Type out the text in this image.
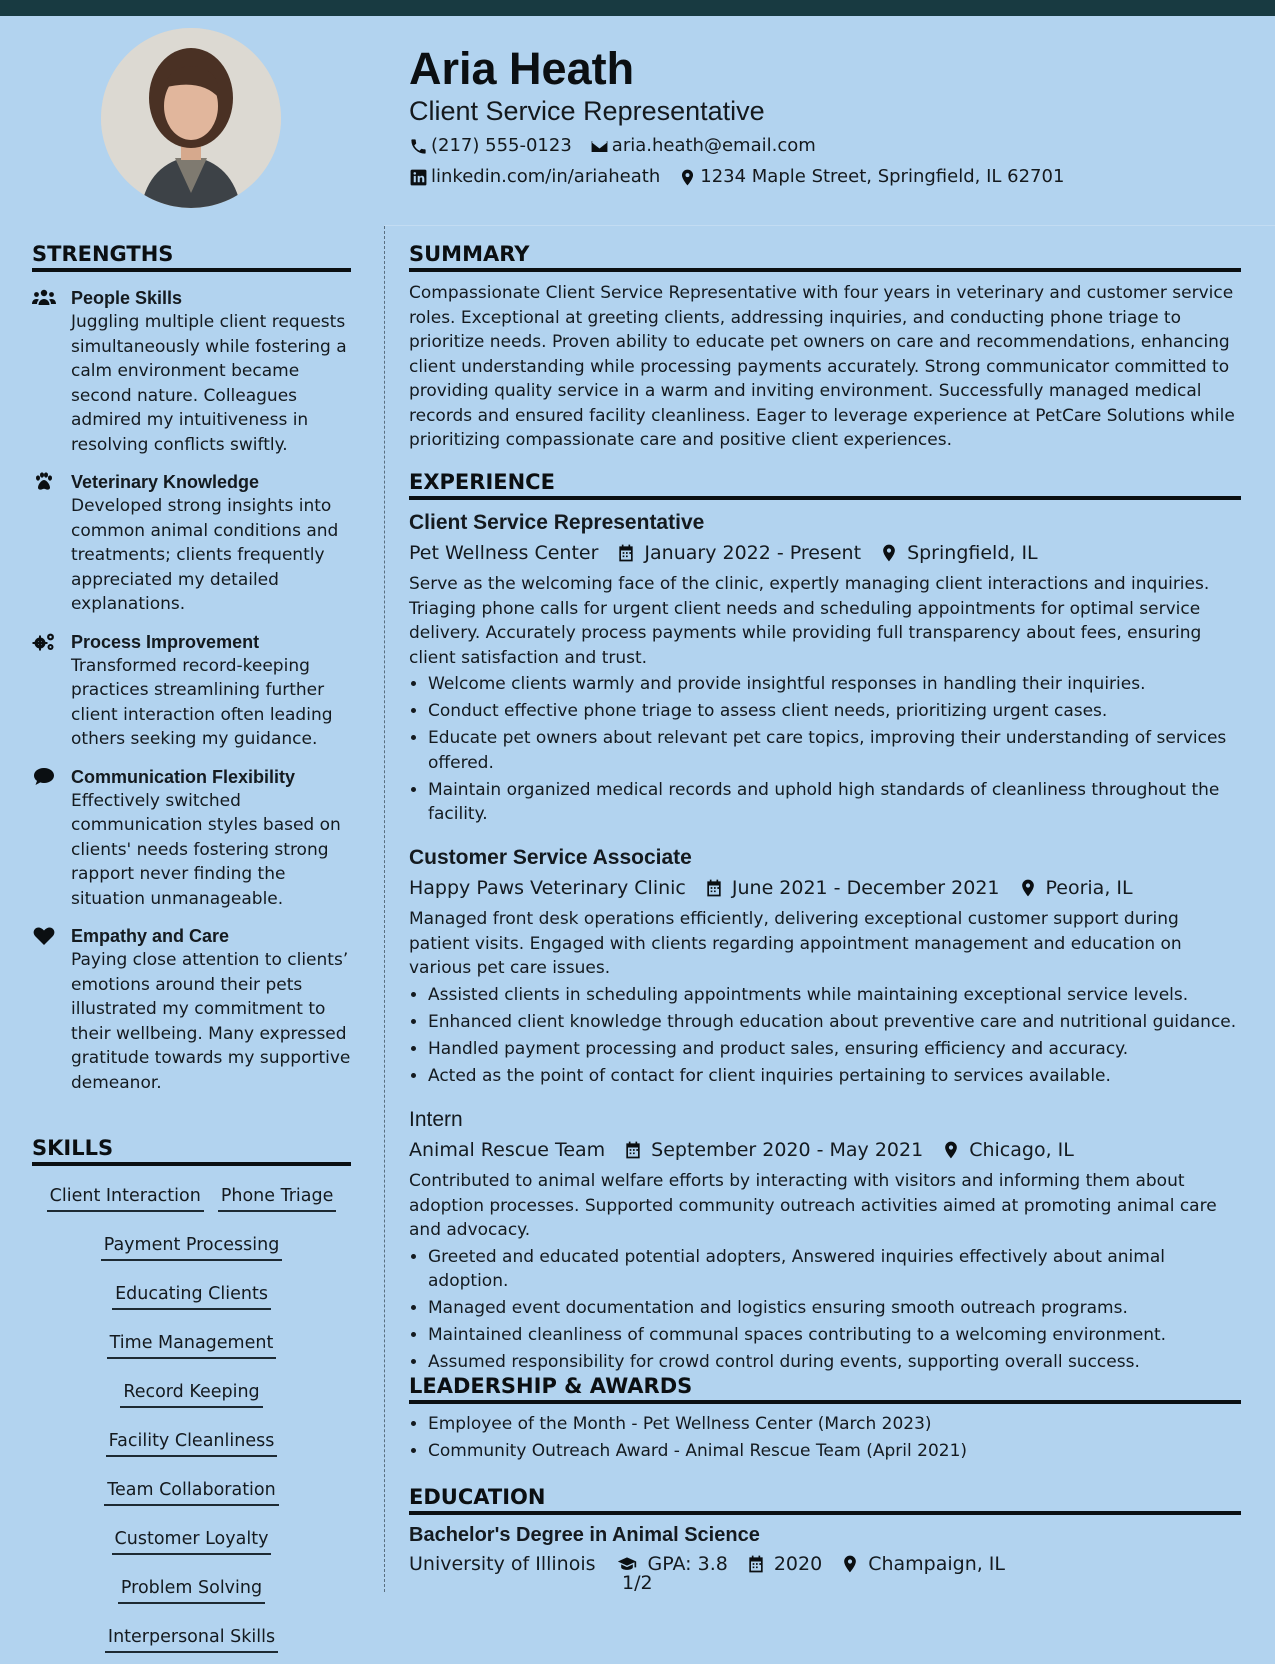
Aria Heath
Client Service Representative
(217) 555-0123 aria.heath@email.com
linkedin.com/in/ariaheath 1234 Maple Street, Springfield, IL 62701
STRENGTHS
People Skills
Juggling multiple client requests simultaneously while fostering a calm environment became second nature. Colleagues admired my intuitiveness in resolving conflicts swiftly.
Veterinary Knowledge
Developed strong insights into common animal conditions and treatments; clients frequently appreciated my detailed explanations.
Process Improvement
Transformed record-keeping practices streamlining further client interaction often leading others seeking my guidance.
Communication Flexibility
Effectively switched communication styles based on clients' needs fostering strong rapport never finding the situation unmanageable.
Empathy and Care
Paying close attention to clients’ emotions around their pets illustrated my commitment to their wellbeing. Many expressed gratitude towards my supportive demeanor.
SKILLS
Client Interaction Phone Triage
Payment Processing
Educating Clients
Time Management
Record Keeping
Facility Cleanliness
Team Collaboration
Customer Loyalty
Problem Solving
Interpersonal Skills
SUMMARY

Compassionate Client Service Representative with four years in veterinary and customer service roles. Exceptional at greeting clients, addressing inquiries, and conducting phone triage to prioritize needs. Proven ability to educate pet owners on care and recommendations, enhancing client understanding while processing payments accurately. Strong communicator committed to providing quality service in a warm and inviting environment. Successfully managed medical records and ensured facility cleanliness. Eager to leverage experience at PetCare Solutions while prioritizing compassionate care and positive client experiences.

EXPERIENCE
Client Service Representative
Pet Wellness Center January 2022 - Present Springfield, IL

Serve as the welcoming face of the clinic, expertly managing client interactions and inquiries. Triaging phone calls for urgent client needs and scheduling appointments for optimal service delivery. Accurately process payments while providing full transparency about fees, ensuring client satisfaction and trust.

• Welcome clients warmly and provide insightful responses in handling their inquiries.
• Conduct effective phone triage to assess client needs, prioritizing urgent cases.
• Educate pet owners about relevant pet care topics, improving their understanding of services offered.
• Maintain organized medical records and uphold high standards of cleanliness throughout the facility.
Customer Service Associate
Happy Paws Veterinary Clinic June 2021 - December 2021 Peoria, IL

Managed front desk operations efficiently, delivering exceptional customer support during patient visits. Engaged with clients regarding appointment management and education on various pet care issues.

• Assisted clients in scheduling appointments while maintaining exceptional service levels.
• Enhanced client knowledge through education about preventive care and nutritional guidance.
• Handled payment processing and product sales, ensuring efficiency and accuracy.
• Acted as the point of contact for client inquiries pertaining to services available.
Intern
Animal Rescue Team September 2020 - May 2021 Chicago, IL

Contributed to animal welfare efforts by interacting with visitors and informing them about adoption processes. Supported community outreach activities aimed at promoting animal care and advocacy.

• Greeted and educated potential adopters, Answered inquiries effectively about animal adoption.
• Managed event documentation and logistics ensuring smooth outreach programs.
• Maintained cleanliness of communal spaces contributing to a welcoming environment.
• Assumed responsibility for crowd control during events, supporting overall success.
LEADERSHIP & AWARDS
• Employee of the Month - Pet Wellness Center (March 2023)
• Community Outreach Award - Animal Rescue Team (April 2021)
EDUCATION
Bachelor's Degree in Animal Science
University of Illinois	GPA: 3.8 2020 Champaign, IL
1/2
